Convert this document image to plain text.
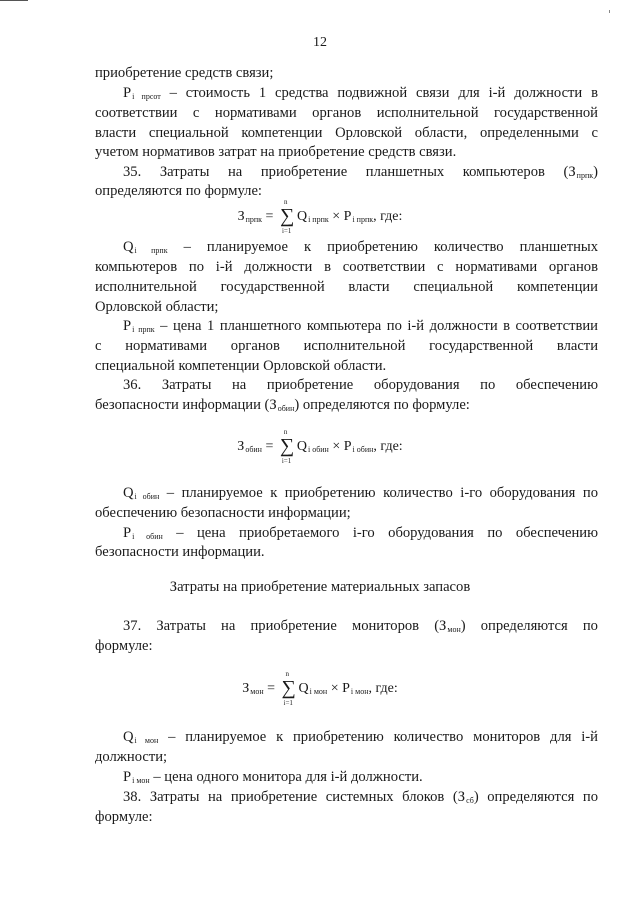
12
приобретение средств связи;
$P_{i прсот}$ – стоимость 1 средства подвижной связи для i-й должности в
соответствии с нормативами органов исполнительной государственной
власти специальной компетенции Орловской области, определенными с
учетом нормативов затрат на приобретение средств связи.
35. Затраты на приобретение планшетных компьютеров $(З_{прпк})$
определяются по формуле:
$З_{прпк}$ =
n
∑
i=1
$Q_{i прпк} \times P_{i прпк}$, где:
$Q_{i прпк}$ – планируемое к приобретению количество планшетных
компьютеров по i-й должности в соответствии с нормативами органов
исполнительной государственной власти специальной компетенции
Орловской области;
$P_{i прпк}$ – цена 1 планшетного компьютера по i-й должности в соответствии
с нормативами органов исполнительной государственной власти
специальной компетенции Орловской области.
36. Затраты на приобретение оборудования по обеспечению
безопасности информации $(З_{обин})$ определяются по формуле:
$З_{обин}$ =
n
∑
i=1
$Q_{i обин} \times P_{i обин}$, где:
$Q_{i обин}$ – планируемое к приобретению количество i-го оборудования по
обеспечению безопасности информации;
$P_{i обин}$ – цена приобретаемого i-го оборудования по обеспечению
безопасности информации.
Затраты на приобретение материальных запасов
37. Затраты на приобретение мониторов $(З_{мон})$ определяются по
формуле:
$З_{мон}$ =
n
∑
i=1
$Q_{i мон} \times P_{i мон}$, где:
$Q_{i мон}$ – планируемое к приобретению количество мониторов для i-й
должности;
$P_{i мон}$ – цена одного монитора для i-й должности.
38. Затраты на приобретение системных блоков $(З_{сб})$ определяются по
формуле:
